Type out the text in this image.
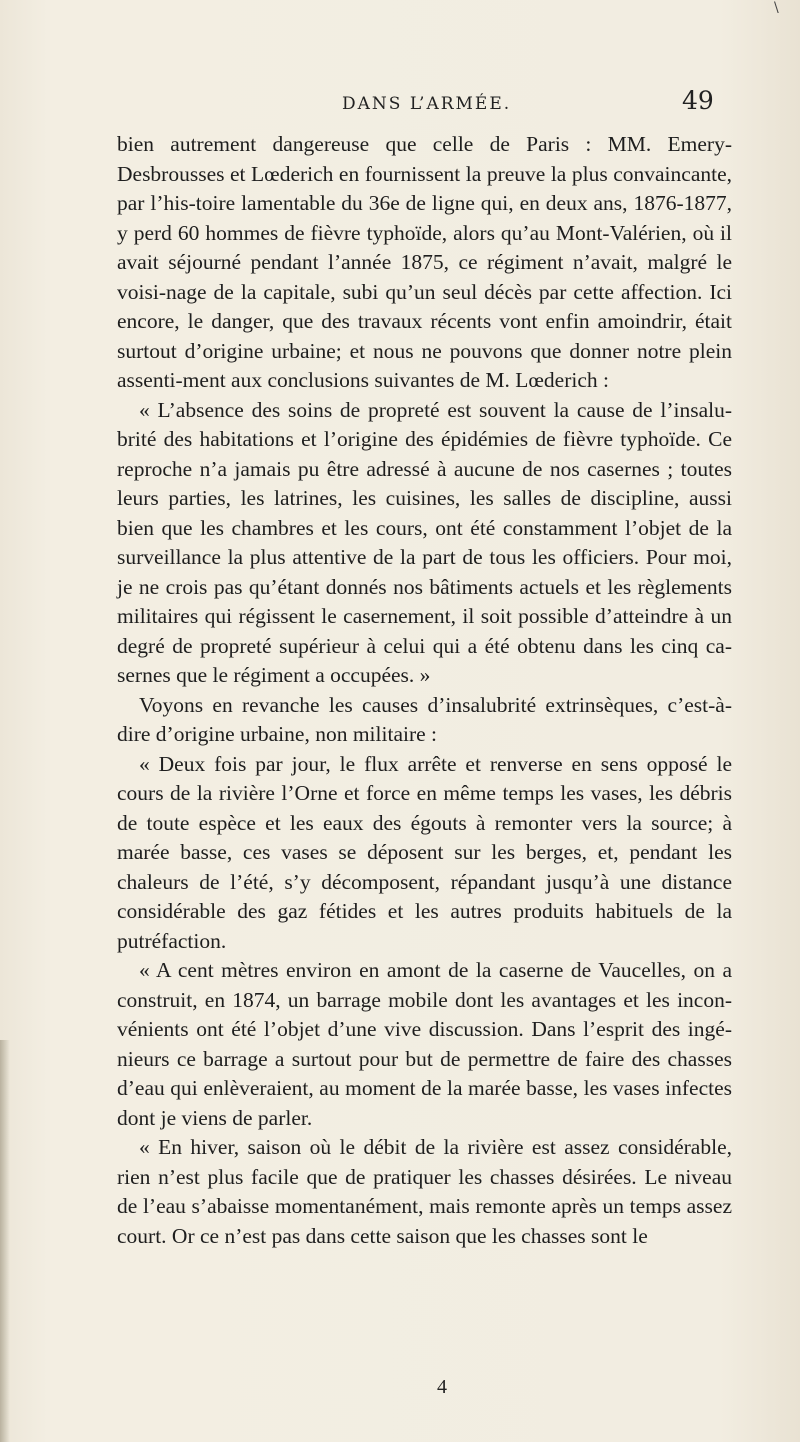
\
DANS L’ARMÉE.	49

bien autrement dangereuse que celle de Paris : MM. Emery-Desbrousses et Lœderich en fournissent la preuve la plus convaincante, par l’his-toire lamentable du 36e de ligne qui, en deux ans, 1876-1877, y perd 60 hommes de fièvre typhoïde, alors qu’au Mont-Valérien, où il avait séjourné pendant l’année 1875, ce régiment n’avait, malgré le voisi-nage de la capitale, subi qu’un seul décès par cette affection. Ici encore, le danger, que des travaux récents vont enfin amoindrir, était surtout d’origine urbaine; et nous ne pouvons que donner notre plein assenti-ment aux conclusions suivantes de M. Lœderich :

« L’absence des soins de propreté est souvent la cause de l’insalu-brité des habitations et l’origine des épidémies de fièvre typhoïde. Ce reproche n’a jamais pu être adressé à aucune de nos casernes ; toutes leurs parties, les latrines, les cuisines, les salles de discipline, aussi bien que les chambres et les cours, ont été constamment l’objet de la surveillance la plus attentive de la part de tous les officiers. Pour moi, je ne crois pas qu’étant donnés nos bâtiments actuels et les règlements militaires qui régissent le casernement, il soit possible d’atteindre à un degré de propreté supérieur à celui qui a été obtenu dans les cinq ca-sernes que le régiment a occupées. »

Voyons en revanche les causes d’insalubrité extrinsèques, c’est-à-dire d’origine urbaine, non militaire :

« Deux fois par jour, le flux arrête et renverse en sens opposé le cours de la rivière l’Orne et force en même temps les vases, les débris de toute espèce et les eaux des égouts à remonter vers la source; à marée basse, ces vases se déposent sur les berges, et, pendant les chaleurs de l’été, s’y décomposent, répandant jusqu’à une distance considérable des gaz fétides et les autres produits habituels de la putréfaction.

« A cent mètres environ en amont de la caserne de Vaucelles, on a construit, en 1874, un barrage mobile dont les avantages et les incon-vénients ont été l’objet d’une vive discussion. Dans l’esprit des ingé-nieurs ce barrage a surtout pour but de permettre de faire des chasses d’eau qui enlèveraient, au moment de la marée basse, les vases infectes dont je viens de parler.

« En hiver, saison où le débit de la rivière est assez considérable, rien n’est plus facile que de pratiquer les chasses désirées. Le niveau de l’eau s’abaisse momentanément, mais remonte après un temps assez court. Or ce n’est pas dans cette saison que les chasses sont le

4
